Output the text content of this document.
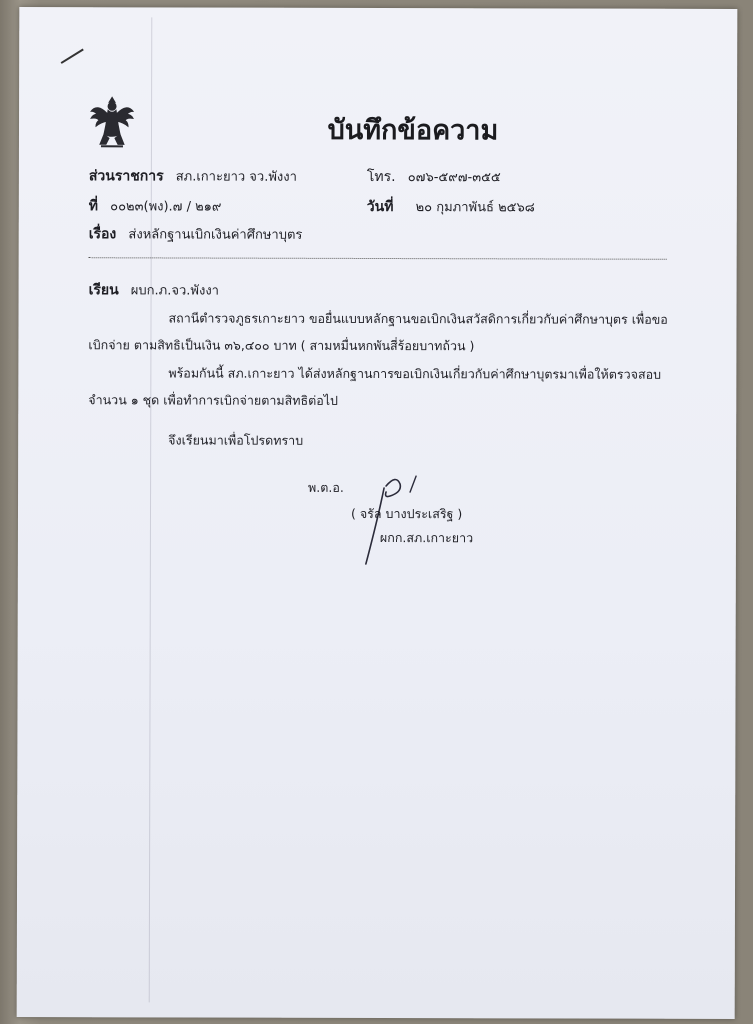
บันทึกข้อความ
ส่วนราชการ สภ.เกาะยาว จว.พังงา	โทร. ๐๗๖-๕๙๗-๓๕๕
ที่ ๐๐๒๓(พง).๗ / ๒๑๙	วันที่ ๒๐ กุมภาพันธ์ ๒๕๖๘
เรื่อง ส่งหลักฐานเบิกเงินค่าศึกษาบุตร
เรียน ผบก.ภ.จว.พังงา
สถานีตำรวจภูธรเกาะยาว ขอยื่นแบบหลักฐานขอเบิกเงินสวัสดิการเกี่ยวกับค่าศึกษาบุตร เพื่อขอ
เบิกจ่าย ตามสิทธิเป็นเงิน ๓๖,๔๐๐ บาท ( สามหมื่นหกพันสี่ร้อยบาทถ้วน )
พร้อมกันนี้ สภ.เกาะยาว ได้ส่งหลักฐานการขอเบิกเงินเกี่ยวกับค่าศึกษาบุตรมาเพื่อให้ตรวจสอบ
จำนวน ๑ ชุด เพื่อทำการเบิกจ่ายตามสิทธิต่อไป
จึงเรียนมาเพื่อโปรดทราบ
พ.ต.อ.
( จรัล บางประเสริฐ )
ผกก.สภ.เกาะยาว
